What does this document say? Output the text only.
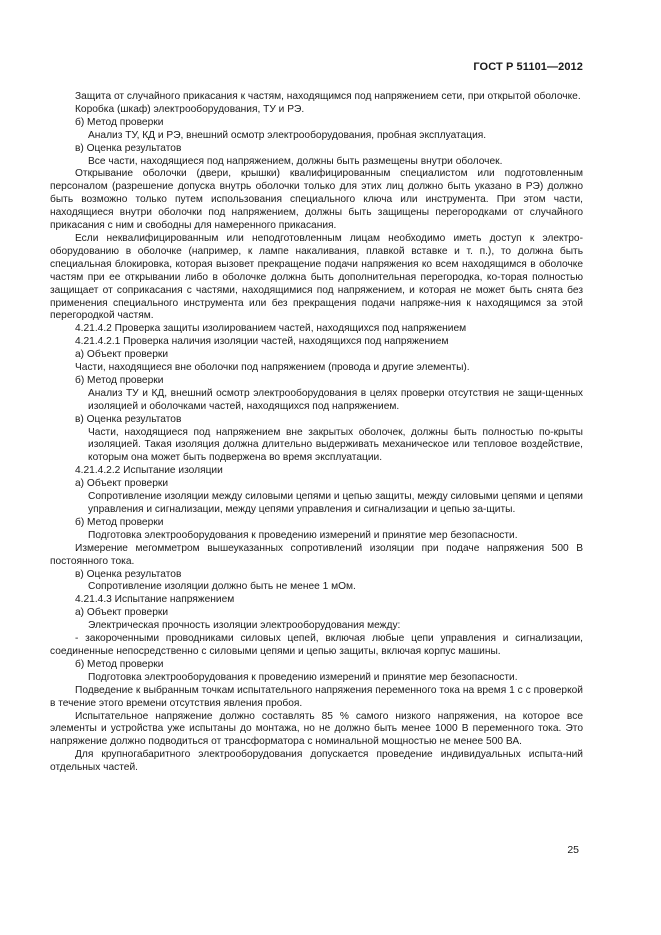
ГОСТ Р 51101—2012

Защита от случайного прикасания к частям, находящимся под напряжением сети, при открытой оболочке.

Коробка (шкаф) электрооборудования, ТУ и РЭ.

б) Метод проверки

Анализ ТУ, КД и РЭ, внешний осмотр электрооборудования, пробная эксплуатация.

в) Оценка результатов

Все части, находящиеся под напряжением, должны быть размещены внутри оболочек.

Открывание оболочки (двери, крышки) квалифицированным специалистом или подготовленным персоналом (разрешение допуска внутрь оболочки только для этих лиц должно быть указано в РЭ) должно быть возможно только путем использования специального ключа или инструмента. При этом части, находящиеся внутри оболочки под напряжением, должны быть защищены перегородками от случайного прикасания с ним и свободны для намеренного прикасания.

Если неквалифицированным или неподготовленным лицам необходимо иметь доступ к электро-оборудованию в оболочке (например, к лампе накаливания, плавкой вставке и т. п.), то должна быть специальная блокировка, которая вызовет прекращение подачи напряжения ко всем находящимся в оболочке частям при ее открывании либо в оболочке должна быть дополнительная перегородка, ко-торая полностью защищает от соприкасания с частями, находящимися под напряжением, и которая не может быть снята без применения специального инструмента или без прекращения подачи напряже-ния к находящимся за этой перегородкой частям.

4.21.4.2 Проверка защиты изолированием частей, находящихся под напряжением

4.21.4.2.1 Проверка наличия изоляции частей, находящихся под напряжением

а) Объект проверки

Части, находящиеся вне оболочки под напряжением (провода и другие элементы).

б) Метод проверки

Анализ ТУ и КД, внешний осмотр электрооборудования в целях проверки отсутствия не защи-щенных изоляцией и оболочками частей, находящихся под напряжением.

в) Оценка результатов

Части, находящиеся под напряжением вне закрытых оболочек, должны быть полностью по-крыты изоляцией. Такая изоляция должна длительно выдерживать механическое или тепловое воздействие, которым она может быть подвержена во время эксплуатации.

4.21.4.2.2 Испытание изоляции

а) Объект проверки

Сопротивление изоляции между силовыми цепями и цепью защиты, между силовыми цепями и цепями управления и сигнализации, между цепями управления и сигнализации и цепью за-щиты.

б) Метод проверки

Подготовка электрооборудования к проведению измерений и принятие мер безопасности.

Измерение мегомметром вышеуказанных сопротивлений изоляции при подаче напряжения 500 В постоянного тока.

в) Оценка результатов

Сопротивление изоляции должно быть не менее 1 мОм.

4.21.4.3 Испытание напряжением

а) Объект проверки

Электрическая прочность изоляции электрооборудования между:

- закороченными проводниками силовых цепей, включая любые цепи управления и сигнализации, соединенные непосредственно с силовыми цепями и цепью защиты, включая корпус машины.

б) Метод проверки

Подготовка электрооборудования к проведению измерений и принятие мер безопасности.

Подведение к выбранным точкам испытательного напряжения переменного тока на время 1 с с проверкой в течение этого времени отсутствия явления пробоя.

Испытательное напряжение должно составлять 85 % самого низкого напряжения, на которое все элементы и устройства уже испытаны до монтажа, но не должно быть менее 1000 В переменного тока. Это напряжение должно подводиться от трансформатора с номинальной мощностью не менее 500 ВА.

Для крупногабаритного электрооборудования допускается проведение индивидуальных испыта-ний отдельных частей.

25
